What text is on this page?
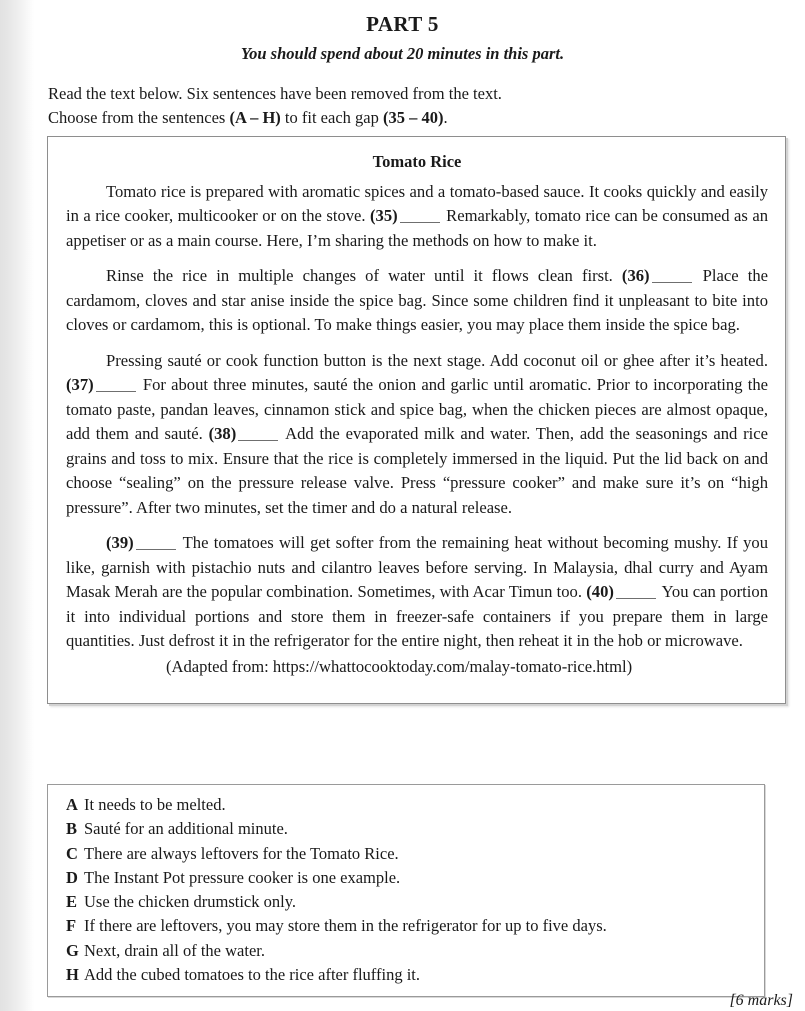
PART 5
You should spend about 20 minutes in this part.
Read the text below. Six sentences have been removed from the text.
Choose from the sentences (A – H) to fit each gap (35 – 40).
Tomato Rice

Tomato rice is prepared with aromatic spices and a tomato-based sauce. It cooks quickly and easily in a rice cooker, multicooker or on the stove. (35)	Remarkably, tomato rice can be consumed as an appetiser or as a main course. Here, I’m sharing the methods on how to make it.

Rinse the rice in multiple changes of water until it flows clean first. (36)	Place the cardamom, cloves and star anise inside the spice bag. Since some children find it unpleasant to bite into cloves or cardamom, this is optional. To make things easier, you may place them inside the spice bag.

Pressing sauté or cook function button is the next stage. Add coconut oil or ghee after it’s heated. (37)	For about three minutes, sauté the onion and garlic until aromatic. Prior to incorporating the tomato paste, pandan leaves, cinnamon stick and spice bag, when the chicken pieces are almost opaque, add them and sauté. (38)	Add the evaporated milk and water. Then, add the seasonings and rice grains and toss to mix. Ensure that the rice is completely immersed in the liquid. Put the lid back on and choose “sealing” on the pressure release valve. Press “pressure cooker” and make sure it’s on “high pressure”. After two minutes, set the timer and do a natural release.

(39)	The tomatoes will get softer from the remaining heat without becoming mushy. If you like, garnish with pistachio nuts and cilantro leaves before serving. In Malaysia, dhal curry and Ayam Masak Merah are the popular combination. Sometimes, with Acar Timun too. (40)	You can portion it into individual portions and store them in freezer-safe containers if you prepare them in large quantities. Just defrost it in the refrigerator for the entire night, then reheat it in the hob or microwave.

(Adapted from: https://whattocooktoday.com/malay-tomato-rice.html)

A It needs to be melted.
B Sauté for an additional minute.
C There are always leftovers for the Tomato Rice.
D The Instant Pot pressure cooker is one example.
E Use the chicken drumstick only.
F If there are leftovers, you may store them in the refrigerator for up to five days.
G Next, drain all of the water.
H Add the cubed tomatoes to the rice after fluffing it.
[6 marks]
